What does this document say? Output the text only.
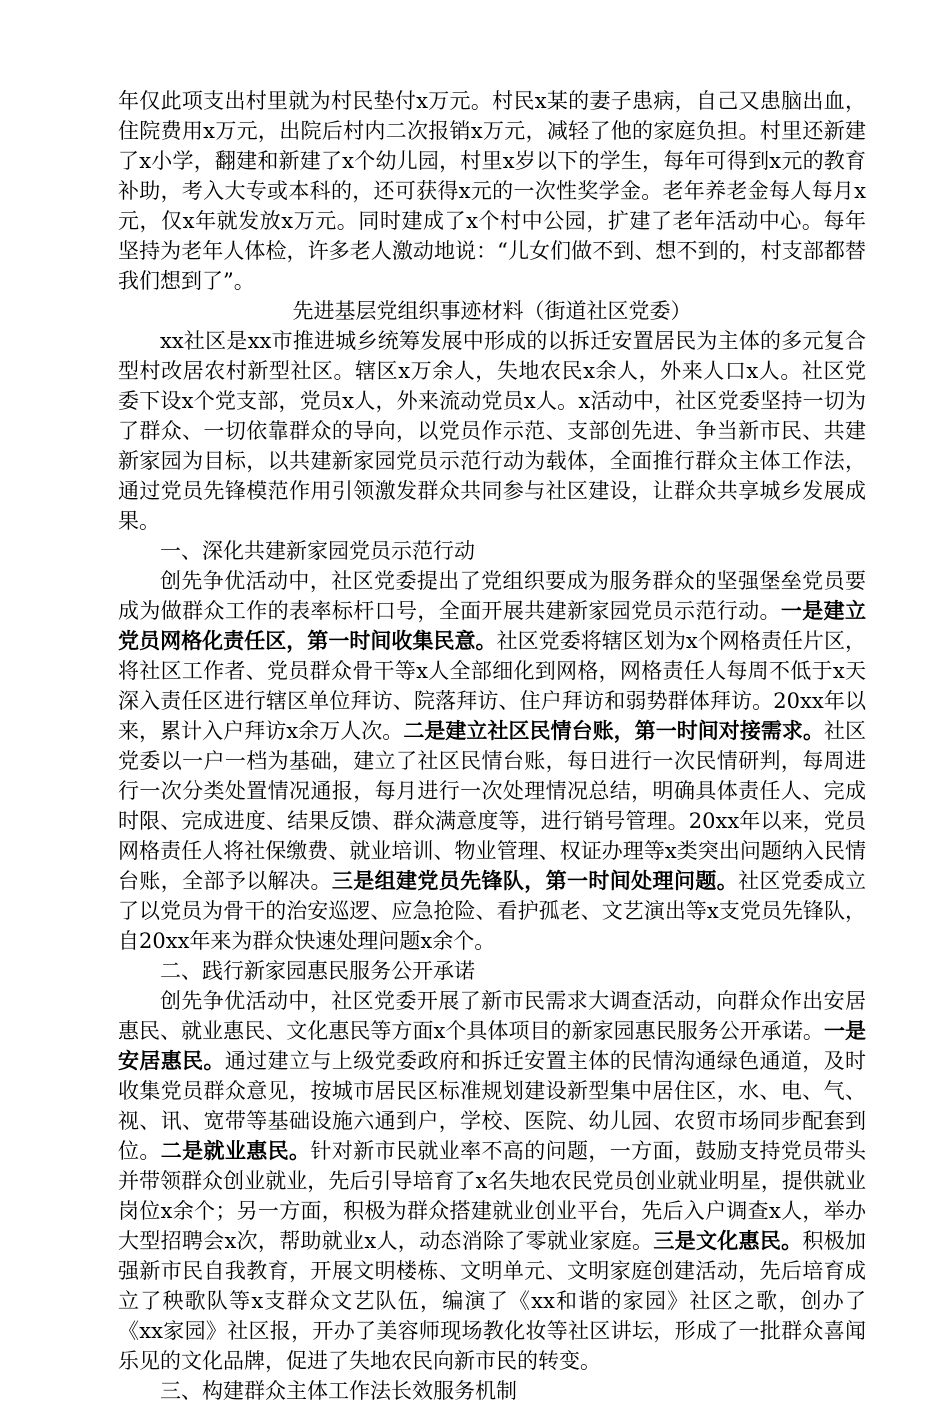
年仅此项支出村里就为村民垫付x万元。村民x某的妻子患病，自己又患脑出血，住院费用x万元，出院后村内二次报销x万元，减轻了他的家庭负担。村里还新建了x小学，翻建和新建了x个幼儿园，村里x岁以下的学生，每年可得到x元的教育补助，考入大专或本科的，还可获得x元的一次性奖学金。老年养老金每人每月x元，仅x年就发放x万元。同时建成了x个村中公园，扩建了老年活动中心。每年坚持为老年人体检，许多老人激动地说：“儿女们做不到、想不到的，村支部都替我们想到了”。

先进基层党组织事迹材料（街道社区党委）

xx社区是xx市推进城乡统筹发展中形成的以拆迁安置居民为主体的多元复合型村改居农村新型社区。辖区x万余人，失地农民x余人，外来人口x人。社区党委下设x个党支部，党员x人，外来流动党员x人。x活动中，社区党委坚持一切为了群众、一切依靠群众的导向，以党员作示范、支部创先进、争当新市民、共建新家园为目标，以共建新家园党员示范行动为载体，全面推行群众主体工作法，通过党员先锋模范作用引领激发群众共同参与社区建设，让群众共享城乡发展成果。

一、深化共建新家园党员示范行动

创先争优活动中，社区党委提出了党组织要成为服务群众的坚强堡垒党员要成为做群众工作的表率标杆口号，全面开展共建新家园党员示范行动。一是建立党员网格化责任区，第一时间收集民意。社区党委将辖区划为x个网格责任片区，将社区工作者、党员群众骨干等x人全部细化到网格，网格责任人每周不低于x天深入责任区进行辖区单位拜访、院落拜访、住户拜访和弱势群体拜访。20xx年以来，累计入户拜访x余万人次。二是建立社区民情台账，第一时间对接需求。社区党委以一户一档为基础，建立了社区民情台账，每日进行一次民情研判，每周进行一次分类处置情况通报，每月进行一次处理情况总结，明确具体责任人、完成时限、完成进度、结果反馈、群众满意度等，进行销号管理。20xx年以来，党员网格责任人将社保缴费、就业培训、物业管理、权证办理等x类突出问题纳入民情台账，全部予以解决。三是组建党员先锋队，第一时间处理问题。社区党委成立了以党员为骨干的治安巡逻、应急抢险、看护孤老、文艺演出等x支党员先锋队，自20xx年来为群众快速处理问题x余个。

二、践行新家园惠民服务公开承诺

创先争优活动中，社区党委开展了新市民需求大调查活动，向群众作出安居惠民、就业惠民、文化惠民等方面x个具体项目的新家园惠民服务公开承诺。一是安居惠民。通过建立与上级党委政府和拆迁安置主体的民情沟通绿色通道，及时收集党员群众意见，按城市居民区标准规划建设新型集中居住区，水、电、气、视、讯、宽带等基础设施六通到户，学校、医院、幼儿园、农贸市场同步配套到位。二是就业惠民。针对新市民就业率不高的问题，一方面，鼓励支持党员带头并带领群众创业就业，先后引导培育了x名失地农民党员创业就业明星，提供就业岗位x余个；另一方面，积极为群众搭建就业创业平台，先后入户调查x人，举办大型招聘会x次，帮助就业x人，动态消除了零就业家庭。三是文化惠民。积极加强新市民自我教育，开展文明楼栋、文明单元、文明家庭创建活动，先后培育成立了秧歌队等x支群众文艺队伍，编演了《xx和谐的家园》社区之歌，创办了《xx家园》社区报，开办了美容师现场教化妆等社区讲坛，形成了一批群众喜闻乐见的文化品牌，促进了失地农民向新市民的转变。

三、构建群众主体工作法长效服务机制
